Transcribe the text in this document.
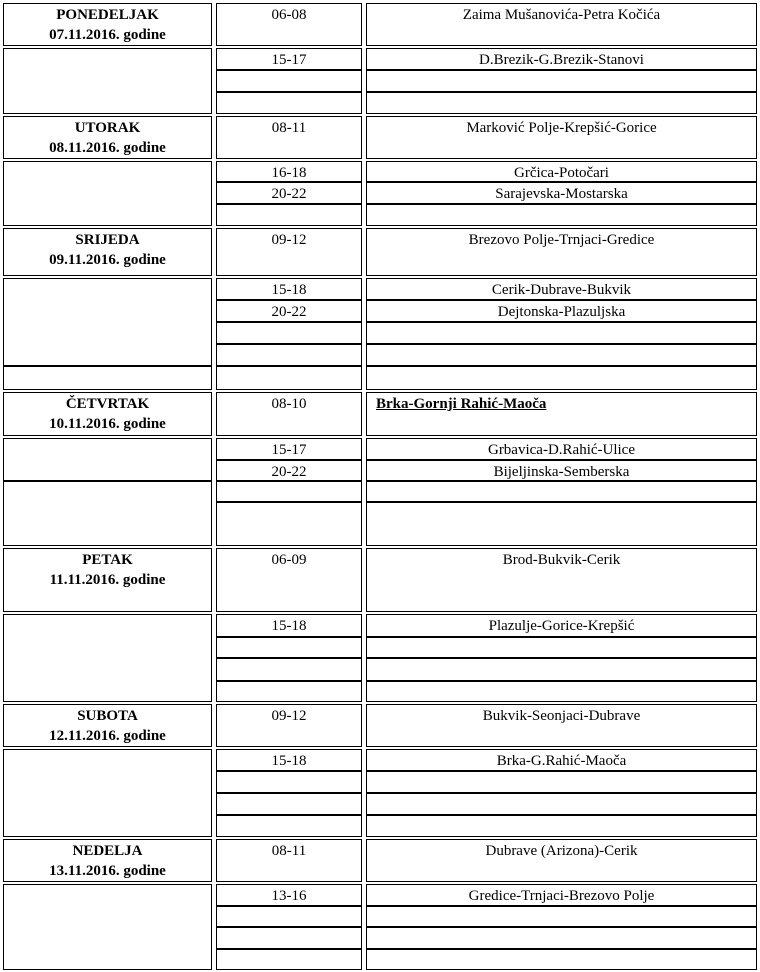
PONEDELJAK
07.11.2016. godine
06-08	Zaima Mušanovića-Petra Kočića
15-17	D.Brezik-G.Brezik-Stanovi
UTORAK
08.11.2016. godine
08-11	Marković Polje-Krepšić-Gorice
16-18	Grčica-Potočari
20-22	Sarajevska-Mostarska
SRIJEDA
09.11.2016. godine
09-12	Brezovo Polje-Trnjaci-Gredice
15-18	Cerik-Dubrave-Bukvik
20-22	Dejtonska-Plazuljska
ČETVRTAK
10.11.2016. godine
08-10	Brka-Gornji Rahić-Maoča
15-17	Grbavica-D.Rahić-Ulice
20-22	Bijeljinska-Semberska
PETAK
11.11.2016. godine
06-09	Brod-Bukvik-Cerik
15-18	Plazulje-Gorice-Krepšić
SUBOTA
12.11.2016. godine
09-12	Bukvik-Seonjaci-Dubrave
15-18	Brka-G.Rahić-Maoča
NEDELJA
13.11.2016. godine
08-11	Dubrave (Arizona)-Cerik
13-16	Gredice-Trnjaci-Brezovo Polje
